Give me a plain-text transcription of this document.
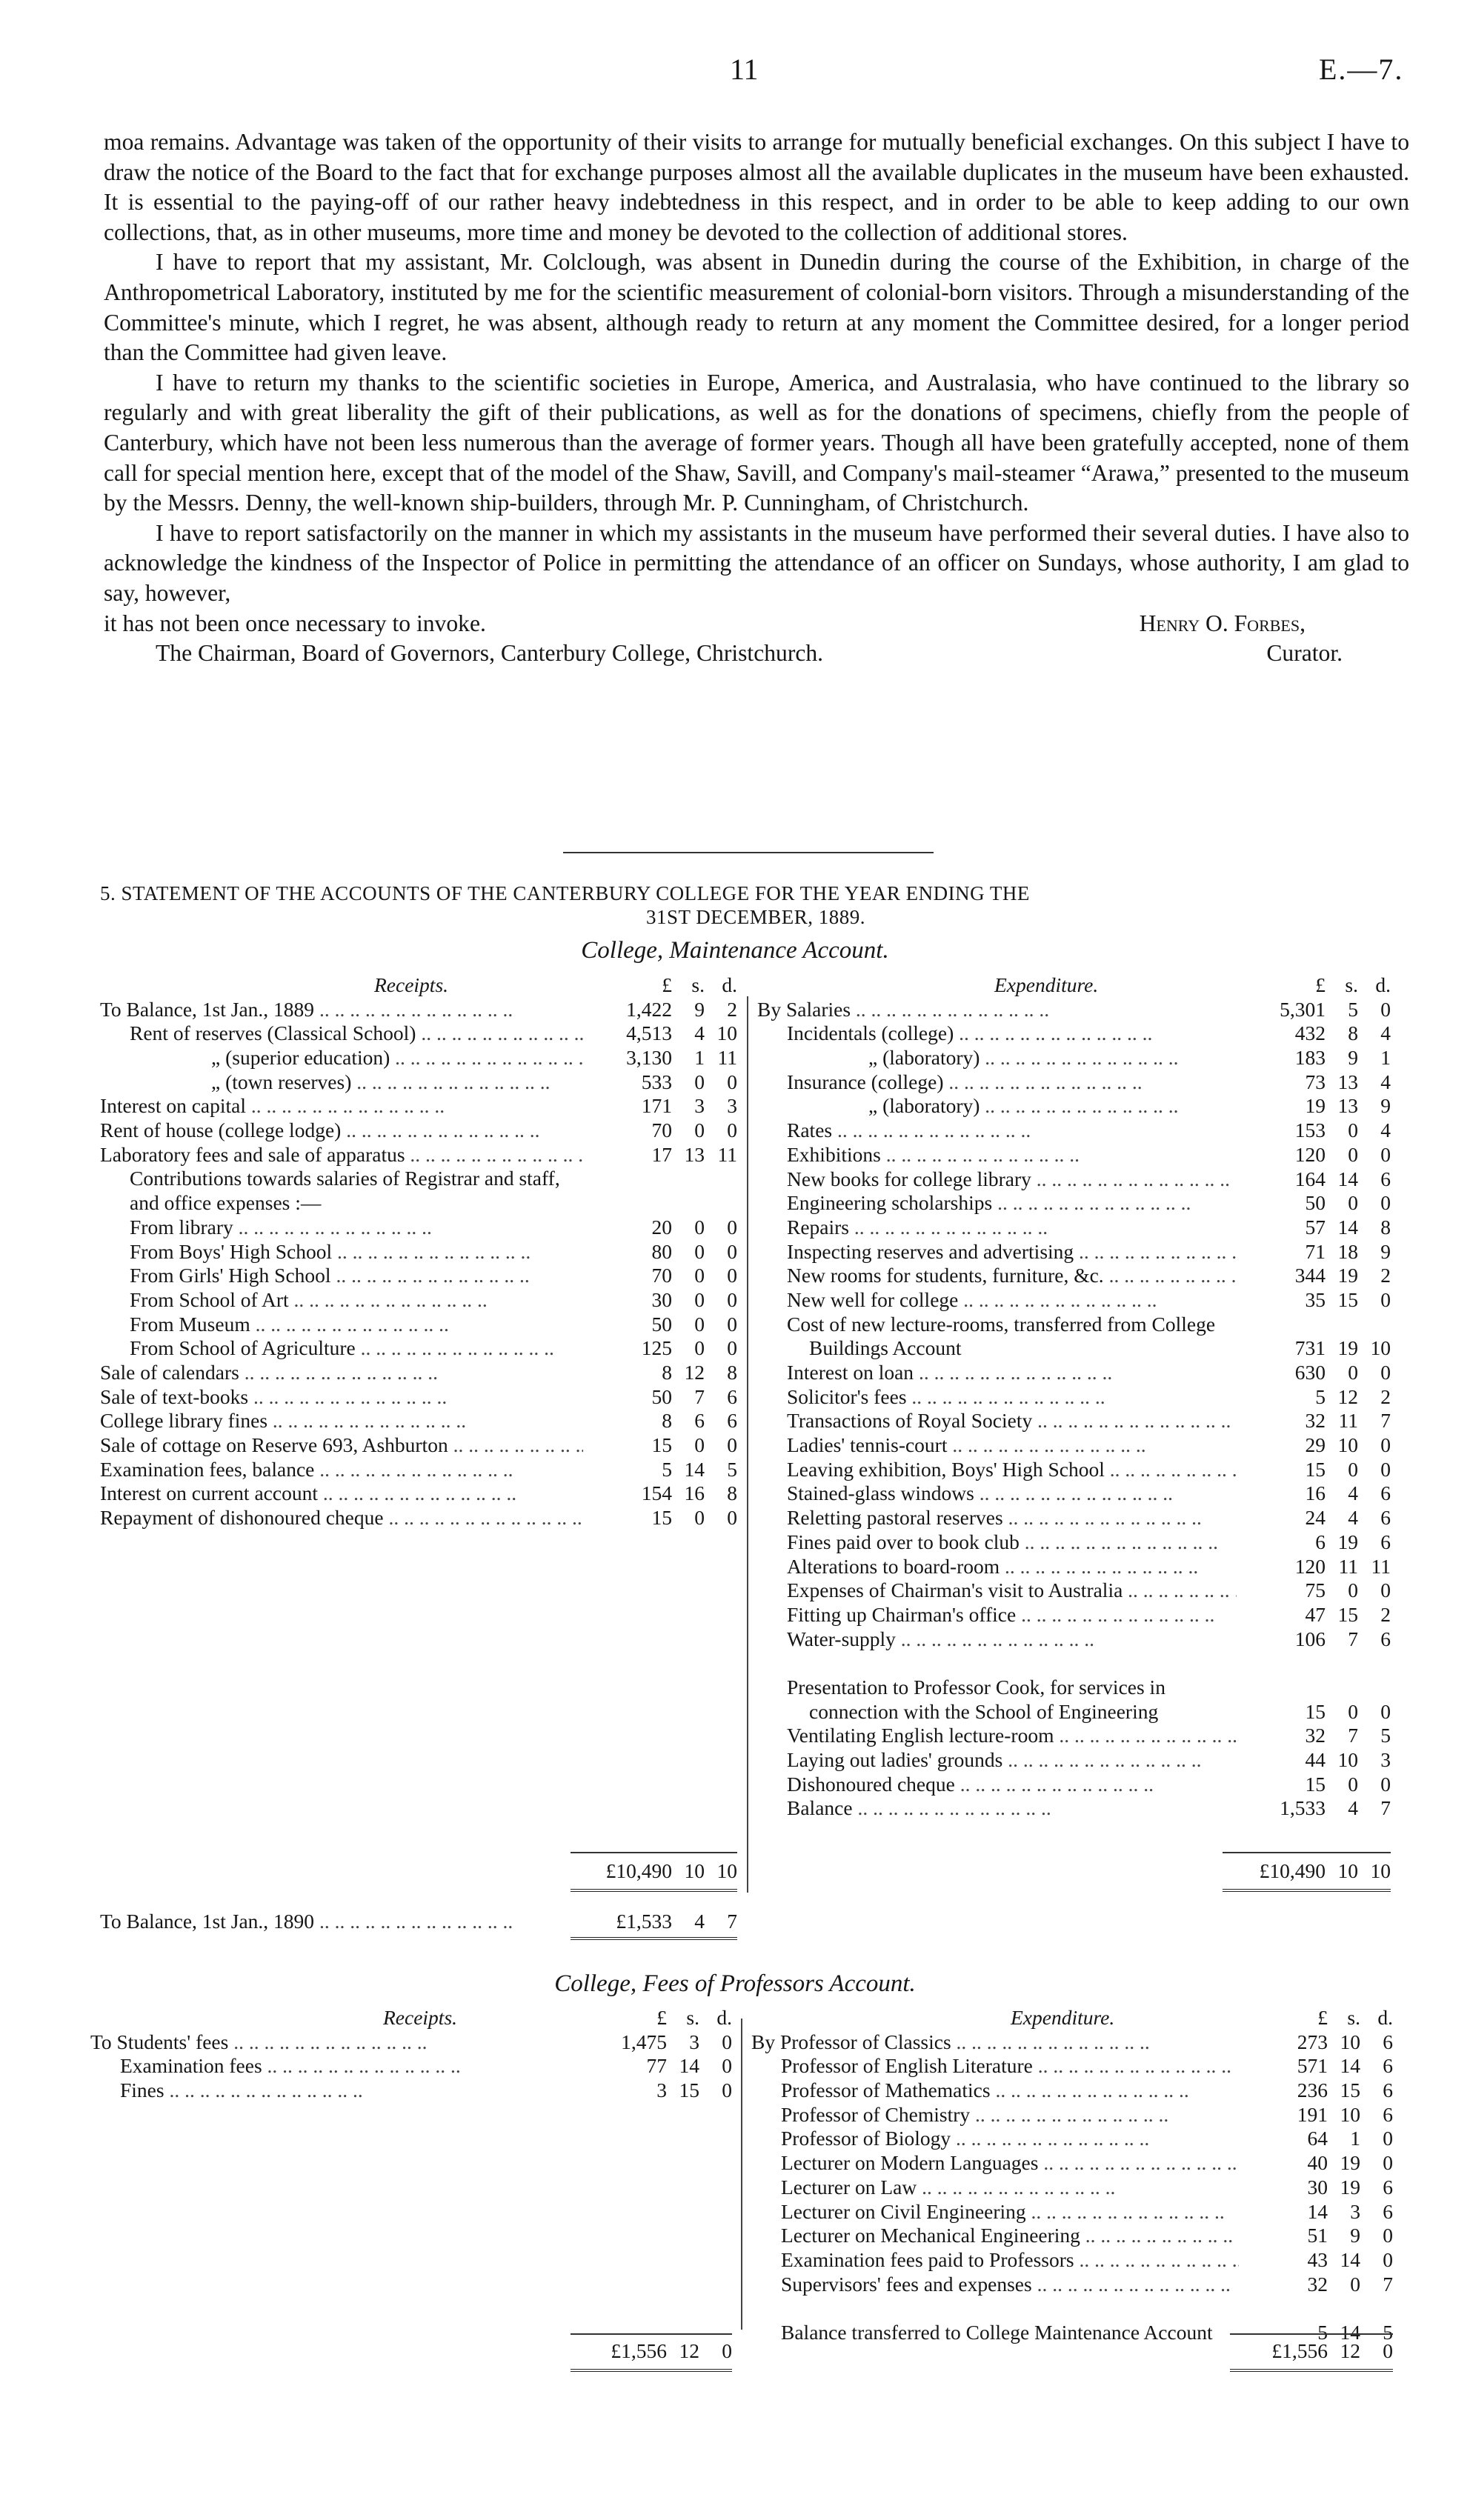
11	E.—7.

moa remains. Advantage was taken of the opportunity of their visits to arrange for mutually beneficial exchanges. On this subject I have to draw the notice of the Board to the fact that for exchange purposes almost all the available duplicates in the museum have been exhausted. It is essential to the paying-off of our rather heavy indebtedness in this respect, and in order to be able to keep adding to our own collections, that, as in other museums, more time and money be devoted to the collection of additional stores.

I have to report that my assistant, Mr. Colclough, was absent in Dunedin during the course of the Exhibition, in charge of the Anthropometrical Laboratory, instituted by me for the scientific measurement of colonial-born visitors. Through a misunderstanding of the Committee's minute, which I regret, he was absent, although ready to return at any moment the Committee desired, for a longer period than the Committee had given leave.

I have to return my thanks to the scientific societies in Europe, America, and Australasia, who have continued to the library so regularly and with great liberality the gift of their publications, as well as for the donations of specimens, chiefly from the people of Canterbury, which have not been less numerous than the average of former years. Though all have been gratefully accepted, none of them call for special mention here, except that of the model of the Shaw, Savill, and Company's mail-steamer “Arawa,” presented to the museum by the Messrs. Denny, the well-known ship-builders, through Mr. P. Cunningham, of Christchurch.

I have to report satisfactorily on the manner in which my assistants in the museum have performed their several duties. I have also to acknowledge the kindness of the Inspector of Police in permitting the attendance of an officer on Sundays, whose authority, I am glad to say, however,

it has not been once necessary to invoke.	Henry O. Forbes,
The Chairman, Board of Governors, Canterbury College, Christchurch.	Curator.
5. STATEMENT OF THE ACCOUNTS OF THE CANTERBURY COLLEGE FOR THE YEAR ENDING THE
31ST DECEMBER, 1889.
College, Maintenance Account.
Receipts.	£ s. d.
To Balance, 1st Jan., 1889 .. ..	1,422	9	2
Rent of reserves (Classical School) .. ..	4,513	4 10
„ (superior education) .. ..	3,130	1 11
„ (town reserves) .. ..	533	0	0
Interest on capital .. ..	171	3	3
Rent of house (college lodge) .. ..	70	0	0
Laboratory fees and sale of apparatus .. ..	17 13 11
Contributions towards salaries of Registrar and staff, and office expenses :—
From library .. ..	20	0	0
From Boys' High School .. ..	80	0	0
From Girls' High School .. ..	70	0	0
From School of Art .. ..	30	0	0
From Museum .. ..	50	0	0
From School of Agriculture .. ..	125	0	0
Sale of calendars .. ..	8 12	8
Sale of text-books .. ..	50	7	6
College library fines .. ..	8	6	6
Sale of cottage on Reserve 693, Ashburton .. ..	15	0	0
Examination fees, balance .. ..	5 14	5
Interest on current account .. ..	154 16	8
Repayment of dishonoured cheque .. ..	15	0	0
Expenditure.	£ s. d.
By Salaries .. ..	5,301	5	0
Incidentals (college) .. ..	432	8	4
„ (laboratory) .. ..	183	9	1
Insurance (college) .. ..	73 13	4
„ (laboratory) .. ..	19 13	9
Rates .. ..	153	0	4
Exhibitions .. ..	120	0	0
New books for college library .. ..	164 14	6
Engineering scholarships .. ..	50	0	0
Repairs .. ..	57 14	8
Inspecting reserves and advertising .. ..	71 18	9
New rooms for students, furniture, &c. .. ..	344 19	2
New well for college .. ..	35 15	0
Cost of new lecture-rooms, transferred from College Buildings Account	731 19 10
Interest on loan .. ..	630	0	0
Solicitor's fees .. ..	5 12	2
Transactions of Royal Society .. ..	32 11	7
Ladies' tennis-court .. ..	29 10	0
Leaving exhibition, Boys' High School .. ..	15	0	0
Stained-glass windows .. ..	16	4	6
Reletting pastoral reserves .. ..	24	4	6
Fines paid over to book club .. ..	6 19	6
Alterations to board-room .. ..	120 11 11
Expenses of Chairman's visit to Australia .. ..	75	0	0
Fitting up Chairman's office .. ..	47 15	2
Water-supply .. ..	106	7	6
Presentation to Professor Cook, for services in connection with the School of Engineering	15	0	0
Ventilating English lecture-room .. ..	32	7	5
Laying out ladies' grounds .. ..	44 10	3
Dishonoured cheque .. ..	15	0	0
Balance .. ..	1,533	4	7
£10,490 10 10	£10,490 10 10
To Balance, 1st Jan., 1890 .. ..	£1,533	4	7
College, Fees of Professors Account.
Receipts.	£ s. d.
To Students' fees .. ..	1,475	3	0
Examination fees .. ..	77 14	0
Fines .. ..	3 15	0
Expenditure.	£ s. d.
By Professor of Classics .. ..	273 10	6
Professor of English Literature .. ..	571 14	6
Professor of Mathematics .. ..	236 15	6
Professor of Chemistry .. ..	191 10	6
Professor of Biology .. ..	64	1	0
Lecturer on Modern Languages .. ..	40 19	0
Lecturer on Law .. ..	30 19	6
Lecturer on Civil Engineering .. ..	14	3	6
Lecturer on Mechanical Engineering .. ..	51	9	0
Examination fees paid to Professors .. ..	43 14	0
Supervisors' fees and expenses .. ..	32	0	7
Balance transferred to College Maintenance Account	5 14	5
£1,556 12	0	£1,556 12	0
